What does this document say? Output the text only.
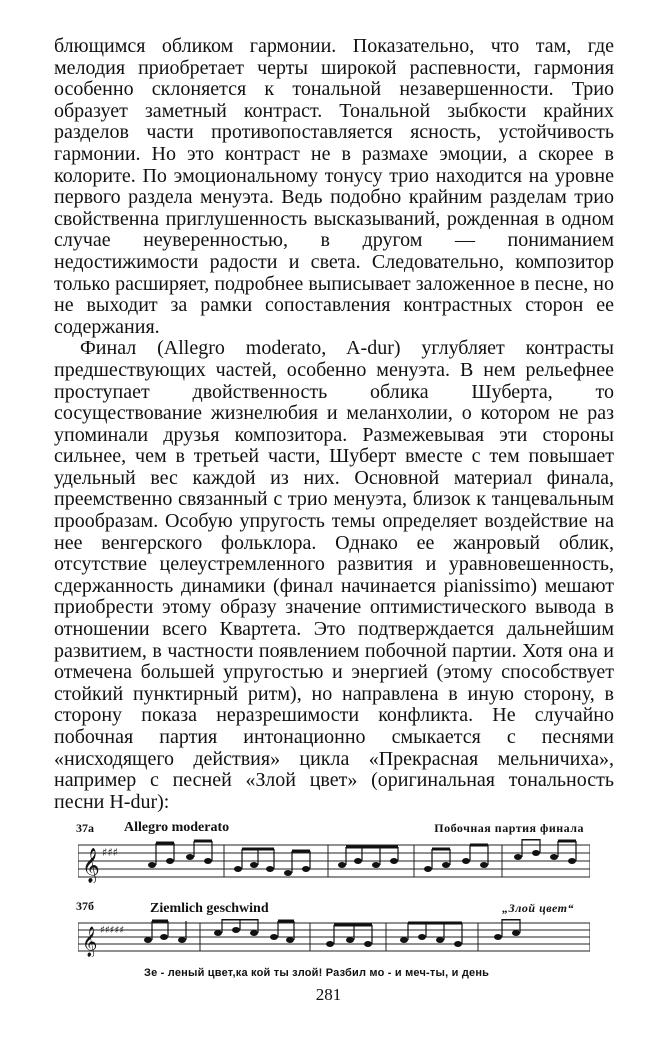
блющимся обликом гармонии. Показательно, что там, где мелодия приобретает черты широкой распевности, гармония особенно склоняется к тональной незавершенности. Трио образует заметный контраст. Тональной зыбкости крайних разделов части противопоставляется ясность, устойчивость гармонии. Но это контраст не в размахе эмоции, а скорее в колорите. По эмоциональному тонусу трио находится на уровне первого раздела менуэта. Ведь подобно крайним разделам трио свойственна приглушенность высказываний, рожденная в одном случае неуверенностью, в другом — пониманием недостижимости радости и света. Следовательно, композитор только расширяет, подробнее выписывает заложенное в песне, но не выходит за рамки сопоставления контрастных сторон ее содержания.

Финал (Allegro moderato, A-dur) углубляет контрасты предшествующих частей, особенно менуэта. В нем рельефнее проступает двойственность облика Шуберта, то сосуществование жизнелюбия и меланхолии, о котором не раз упоминали друзья композитора. Размежевывая эти стороны сильнее, чем в третьей части, Шуберт вместе с тем повышает удельный вес каждой из них. Основной материал финала, преемственно связанный с трио менуэта, близок к танцевальным прообразам. Особую упругость темы определяет воздействие на нее венгерского фольклора. Однако ее жанровый облик, отсутствие целеустремленного развития и уравновешенность, сдержанность динамики (финал начинается pianissimo) мешают приобрести этому образу значение оптимистического вывода в отношении всего Квартета. Это подтверждается дальнейшим развитием, в частности появлением побочной партии. Хотя она и отмечена большей упругостью и энергией (этому способствует стойкий пунктирный ритм), но направлена в иную сторону, в сторону показа неразрешимости конфликта. Не случайно побочная партия интонационно смыкается с песнями «нисходящего действия» цикла «Прекрасная мельничиха», например с песней «Злой цвет» (оригинальная тональность песни H-dur):

37а Allegro moderato	Побочная партия финала
𝄞 ♯♯♯
37б	Ziemlich geschwind	„Злой цвет“
𝄞 ♯♯♯♯♯
Зе - леный цвет,ка кой ты злой! Разбил мо - и меч-ты, и день
281
